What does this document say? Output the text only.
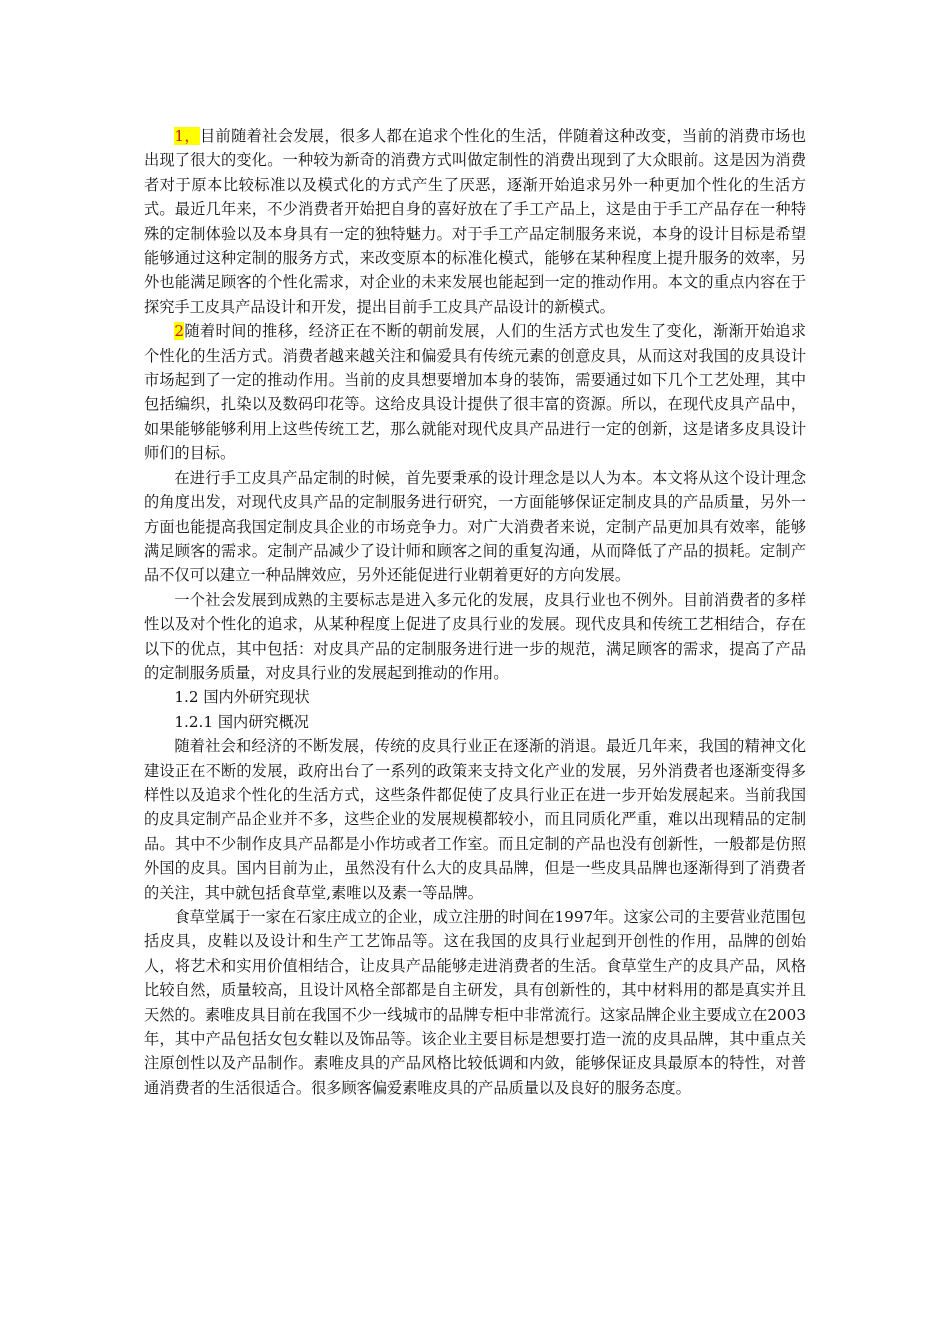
1，目前随着社会发展，很多人都在追求个性化的生活，伴随着这种改变，当前的消费市场也出现了很大的变化。一种较为新奇的消费方式叫做定制性的消费出现到了大众眼前。这是因为消费者对于原本比较标准以及模式化的方式产生了厌恶，逐渐开始追求另外一种更加个性化的生活方式。最近几年来，不少消费者开始把自身的喜好放在了手工产品上，这是由于手工产品存在一种特殊的定制体验以及本身具有一定的独特魅力。对于手工产品定制服务来说，本身的设计目标是希望能够通过这种定制的服务方式，来改变原本的标准化模式，能够在某种程度上提升服务的效率，另外也能满足顾客的个性化需求，对企业的未来发展也能起到一定的推动作用。本文的重点内容在于探究手工皮具产品设计和开发，提出目前手工皮具产品设计的新模式。

2随着时间的推移，经济正在不断的朝前发展，人们的生活方式也发生了变化，渐渐开始追求个性化的生活方式。消费者越来越关注和偏爱具有传统元素的创意皮具，从而这对我国的皮具设计市场起到了一定的推动作用。当前的皮具想要增加本身的装饰，需要通过如下几个工艺处理，其中包括编织，扎染以及数码印花等。这给皮具设计提供了很丰富的资源。所以，在现代皮具产品中，如果能够能够利用上这些传统工艺，那么就能对现代皮具产品进行一定的创新，这是诸多皮具设计师们的目标。

在进行手工皮具产品定制的时候，首先要秉承的设计理念是以人为本。本文将从这个设计理念的角度出发，对现代皮具产品的定制服务进行研究，一方面能够保证定制皮具的产品质量，另外一方面也能提高我国定制皮具企业的市场竞争力。对广大消费者来说，定制产品更加具有效率，能够满足顾客的需求。定制产品减少了设计师和顾客之间的重复沟通，从而降低了产品的损耗。定制产品不仅可以建立一种品牌效应，另外还能促进行业朝着更好的方向发展。

一个社会发展到成熟的主要标志是进入多元化的发展，皮具行业也不例外。目前消费者的多样性以及对个性化的追求，从某种程度上促进了皮具行业的发展。现代皮具和传统工艺相结合，存在以下的优点，其中包括：对皮具产品的定制服务进行进一步的规范，满足顾客的需求，提高了产品的定制服务质量，对皮具行业的发展起到推动的作用。

1.2 国内外研究现状

1.2.1 国内研究概况

随着社会和经济的不断发展，传统的皮具行业正在逐渐的消退。最近几年来，我国的精神文化建设正在不断的发展，政府出台了一系列的政策来支持文化产业的发展，另外消费者也逐渐变得多样性以及追求个性化的生活方式，这些条件都促使了皮具行业正在进一步开始发展起来。当前我国的皮具定制产品企业并不多，这些企业的发展规模都较小，而且同质化严重，难以出现精品的定制品。其中不少制作皮具产品都是小作坊或者工作室。而且定制的产品也没有创新性，一般都是仿照外国的皮具。国内目前为止，虽然没有什么大的皮具品牌，但是一些皮具品牌也逐渐得到了消费者的关注，其中就包括食草堂,素唯以及素一等品牌。

食草堂属于一家在石家庄成立的企业，成立注册的时间在1997年。这家公司的主要营业范围包括皮具，皮鞋以及设计和生产工艺饰品等。这在我国的皮具行业起到开创性的作用，品牌的创始人，将艺术和实用价值相结合，让皮具产品能够走进消费者的生活。食草堂生产的皮具产品，风格比较自然，质量较高，且设计风格全部都是自主研发，具有创新性的，其中材料用的都是真实并且天然的。素唯皮具目前在我国不少一线城市的品牌专柜中非常流行。这家品牌企业主要成立在2003年，其中产品包括女包女鞋以及饰品等。该企业主要目标是想要打造一流的皮具品牌，其中重点关注原创性以及产品制作。素唯皮具的产品风格比较低调和内敛，能够保证皮具最原本的特性，对普通消费者的生活很适合。很多顾客偏爱素唯皮具的产品质量以及良好的服务态度。
